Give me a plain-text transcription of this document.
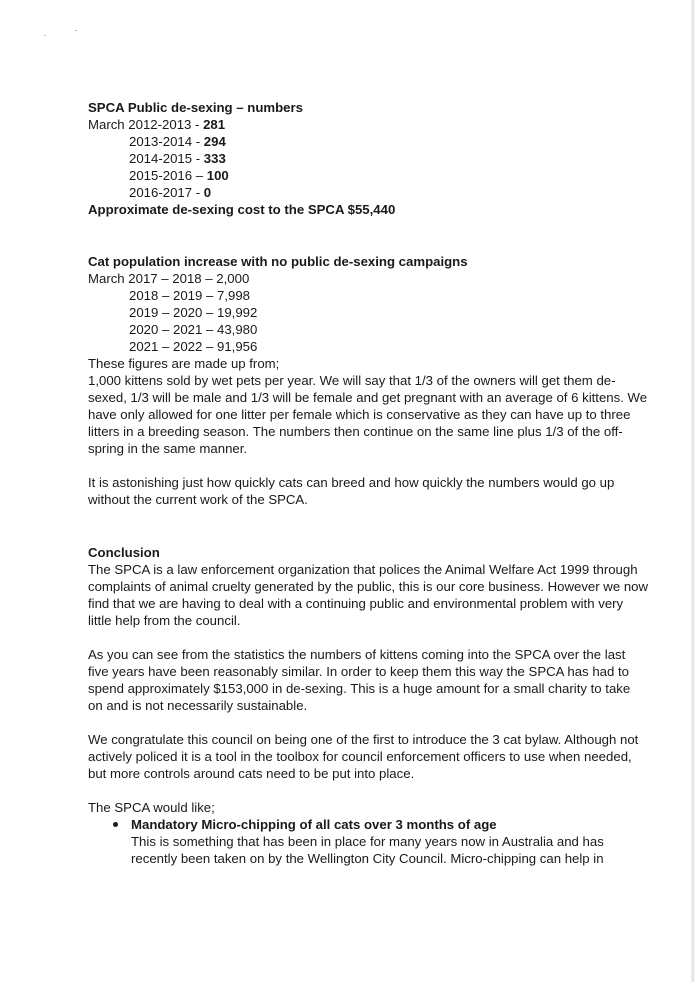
SPCA Public de-sexing – numbers
March 2012-2013 - 281
2013-2014 - 294
2014-2015 - 333
2015-2016 – 100
2016-2017 - 0
Approximate de-sexing cost to the SPCA $55,440
Cat population increase with no public de-sexing campaigns
March 2017 – 2018 – 2,000
2018 – 2019 – 7,998
2019 – 2020 – 19,992
2020 – 2021 – 43,980
2021 – 2022 – 91,956
These figures are made up from;
1,000 kittens sold by wet pets per year. We will say that 1/3 of the owners will get them de-sexed, 1/3 will be male and 1/3 will be female and get pregnant with an average of 6 kittens. We have only allowed for one litter per female which is conservative as they can have up to three litters in a breeding season. The numbers then continue on the same line plus 1/3 of the off-spring in the same manner.
It is astonishing just how quickly cats can breed and how quickly the numbers would go up without the current work of the SPCA.
Conclusion
The SPCA is a law enforcement organization that polices the Animal Welfare Act 1999 through complaints of animal cruelty generated by the public, this is our core business. However we now find that we are having to deal with a continuing public and environmental problem with very little help from the council.
As you can see from the statistics the numbers of kittens coming into the SPCA over the last five years have been reasonably similar. In order to keep them this way the SPCA has had to spend approximately $153,000 in de-sexing. This is a huge amount for a small charity to take on and is not necessarily sustainable.
We congratulate this council on being one of the first to introduce the 3 cat bylaw. Although not actively policed it is a tool in the toolbox for council enforcement officers to use when needed, but more controls around cats need to be put into place.
The SPCA would like;
Mandatory Micro-chipping of all cats over 3 months of age
This is something that has been in place for many years now in Australia and has recently been taken on by the Wellington City Council. Micro-chipping can help in
